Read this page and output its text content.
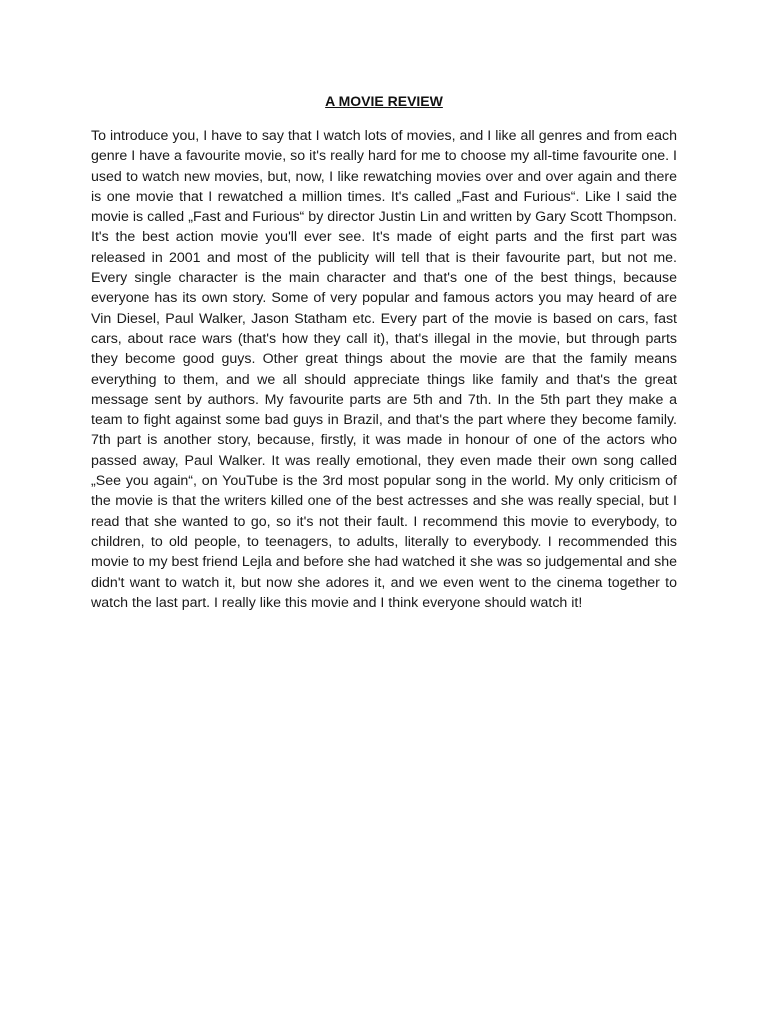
A MOVIE REVIEW

To introduce you, I have to say that I watch lots of movies, and I like all genres and from each genre I have a favourite movie, so it's really hard for me to choose my all-time favourite one. I used to watch new movies, but, now, I like rewatching movies over and over again and there is one movie that I rewatched a million times. It's called „Fast and Furious“. Like I said the movie is called „Fast and Furious“ by director Justin Lin and written by Gary Scott Thompson. It's the best action movie you'll ever see. It's made of eight parts and the first part was released in 2001 and most of the publicity will tell that is their favourite part, but not me. Every single character is the main character and that's one of the best things, because everyone has its own story. Some of very popular and famous actors you may heard of are Vin Diesel, Paul Walker, Jason Statham etc. Every part of the movie is based on cars, fast cars, about race wars (that's how they call it), that's illegal in the movie, but through parts they become good guys. Other great things about the movie are that the family means everything to them, and we all should appreciate things like family and that's the great message sent by authors. My favourite parts are 5th and 7th. In the 5th part they make a team to fight against some bad guys in Brazil, and that's the part where they become family. 7th part is another story, because, firstly, it was made in honour of one of the actors who passed away, Paul Walker. It was really emotional, they even made their own song called „See you again“, on YouTube is the 3rd most popular song in the world. My only criticism of the movie is that the writers killed one of the best actresses and she was really special, but I read that she wanted to go, so it's not their fault. I recommend this movie to everybody, to children, to old people, to teenagers, to adults, literally to everybody. I recommended this movie to my best friend Lejla and before she had watched it she was so judgemental and she didn't want to watch it, but now she adores it, and we even went to the cinema together to watch the last part. I really like this movie and I think everyone should watch it!
